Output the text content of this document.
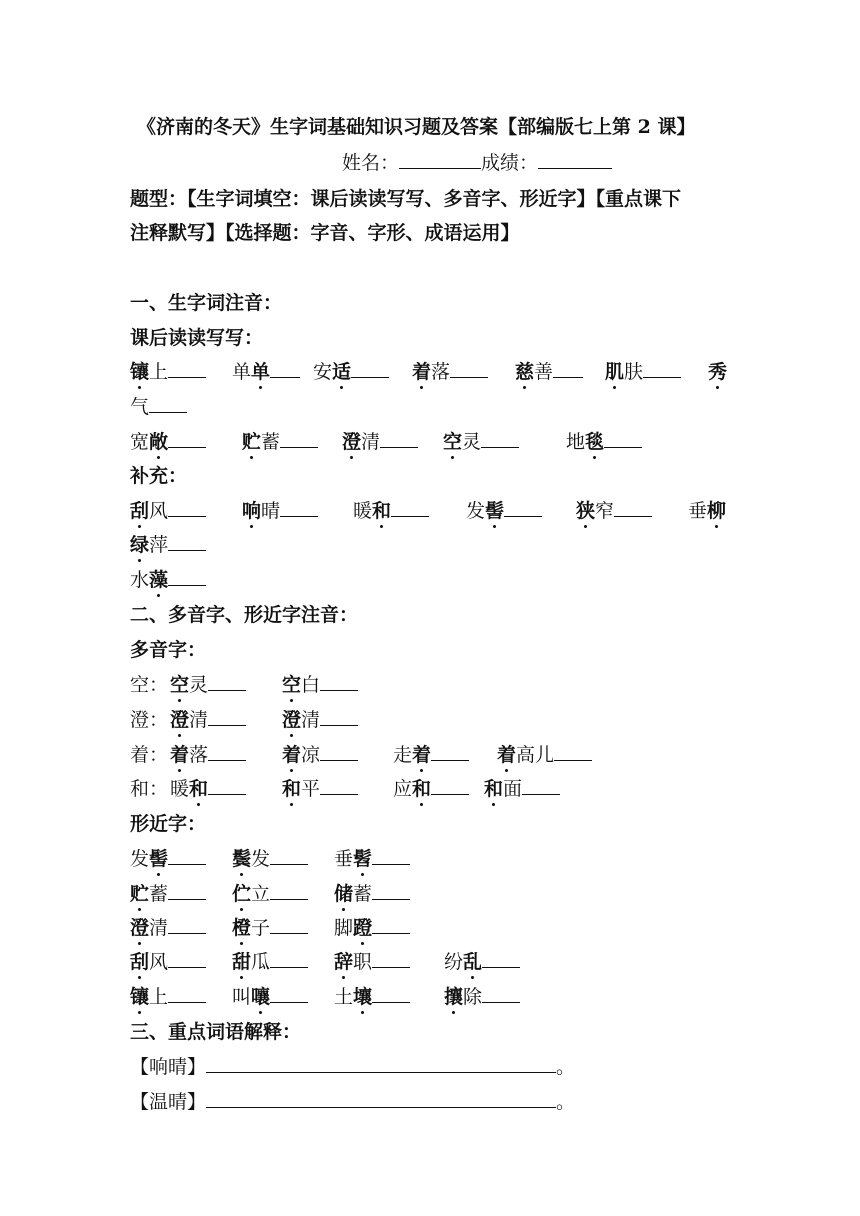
《济南的冬天》生字词基础知识习题及答案【部编版七上第 2 课】
姓名：	成绩：
题型：【生字词填空：课后读读写写、多音字、形近字】【重点课下
注释默写】【选择题：字音、字形、成语运用】
一、生字词注音：
课后读读写写：
镶上	单单	安适	着落	慈善	肌肤	秀
气
宽敞	贮蓄	澄清	空灵	地毯
补充：
刮风	响晴	暖和	发髻	狭窄	垂柳
绿萍
水藻
二、多音字、形近字注音：
多音字：
空： 空灵	空白
澄： 澄清	澄清
着： 着落	着凉	走着	着高儿
和： 暖和	和平	应和	和面
形近字：
发髻	鬓发	垂髫
贮蓄	伫立	储蓄
澄清	橙子	脚蹬
刮风	甜瓜	辞职	纷乱
镶上	叫嚷	土壤	攘除
三、重点词语解释：
【响晴】	。
【温晴】	。
